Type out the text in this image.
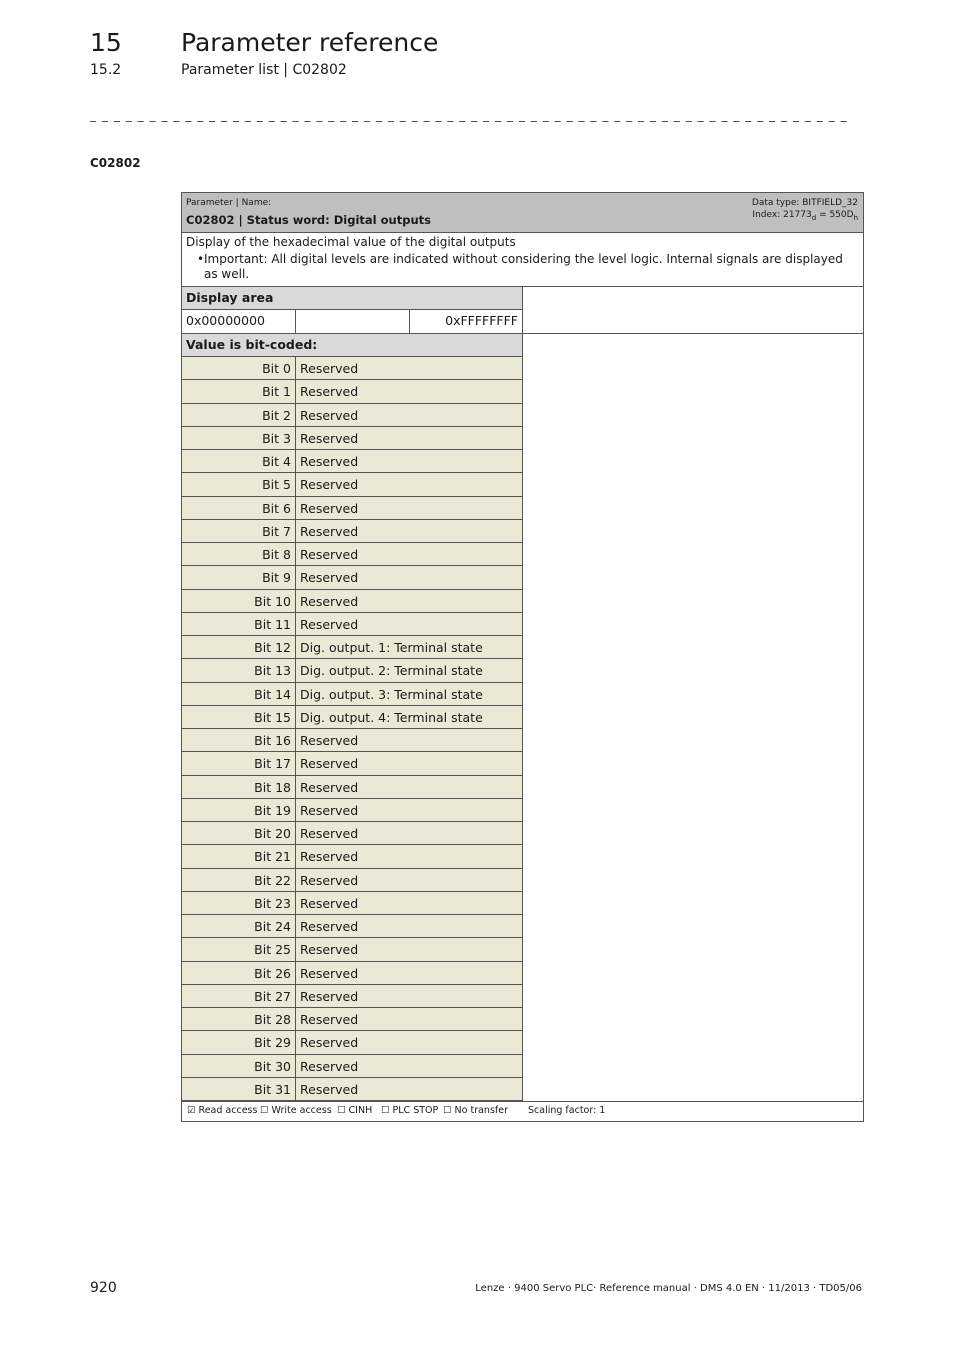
15 Parameter reference
15.2	Parameter list | C02802
_ _ _ _ _ _ _ _ _ _ _ _ _ _ _ _ _ _ _ _ _ _ _ _ _ _ _ _ _ _ _ _ _ _ _ _ _ _ _ _ _ _ _ _ _ _ _ _ _ _ _ _ _ _ _ _ _ _ _ _ _ _ _ _
C02802
Parameter | Name:
C02802 | Status word: Digital outputs
Data type: BITFIELD_32
Index: $21773_d = 550D_h$
Display of the hexadecimal value of the digital outputs
• Important: All digital levels are indicated without considering the level logic. Internal signals are displayed as well.
Display area
0x00000000	0xFFFFFFFF
Value is bit-coded:
Bit 0 Reserved
Bit 1 Reserved
Bit 2 Reserved
Bit 3 Reserved
Bit 4 Reserved
Bit 5 Reserved
Bit 6 Reserved
Bit 7 Reserved
Bit 8 Reserved
Bit 9 Reserved
Bit 10 Reserved
Bit 11 Reserved
Bit 12 Dig. output. 1: Terminal state
Bit 13 Dig. output. 2: Terminal state
Bit 14 Dig. output. 3: Terminal state
Bit 15 Dig. output. 4: Terminal state
Bit 16 Reserved
Bit 17 Reserved
Bit 18 Reserved
Bit 19 Reserved
Bit 20 Reserved
Bit 21 Reserved
Bit 22 Reserved
Bit 23 Reserved
Bit 24 Reserved
Bit 25 Reserved
Bit 26 Reserved
Bit 27 Reserved
Bit 28 Reserved
Bit 29 Reserved
Bit 30 Reserved
Bit 31 Reserved
☑ Read access ☐ Write access ☐ CINH ☐ PLC STOP ☐ No transfer Scaling factor: 1
920	Lenze · 9400 Servo PLC· Reference manual · DMS 4.0 EN · 11/2013 · TD05/06
